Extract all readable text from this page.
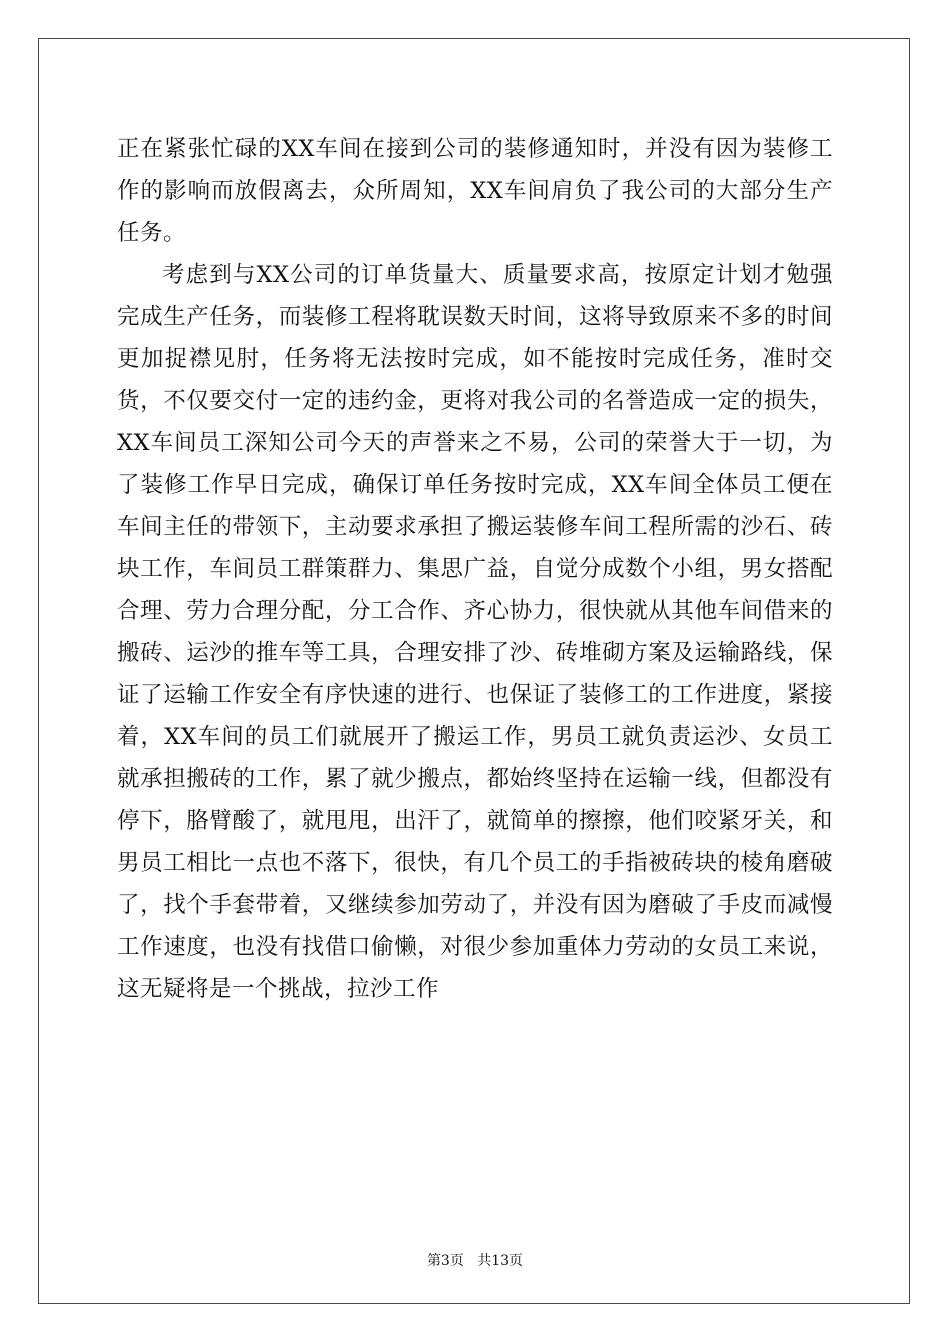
正在紧张忙碌的XX车间在接到公司的装修通知时，并没有因为装修工作的影响而放假离去，众所周知，XX车间肩负了我公司的大部分生产任务。

考虑到与XX公司的订单货量大、质量要求高，按原定计划才勉强完成生产任务，而装修工程将耽误数天时间，这将导致原来不多的时间更加捉襟见肘，任务将无法按时完成，如不能按时完成任务，准时交货，不仅要交付一定的违约金，更将对我公司的名誉造成一定的损失，XX车间员工深知公司今天的声誉来之不易，公司的荣誉大于一切，为了装修工作早日完成，确保订单任务按时完成，XX车间全体员工便在车间主任的带领下，主动要求承担了搬运装修车间工程所需的沙石、砖块工作，车间员工群策群力、集思广益，自觉分成数个小组，男女搭配合理、劳力合理分配，分工合作、齐心协力，很快就从其他车间借来的搬砖、运沙的推车等工具，合理安排了沙、砖堆砌方案及运输路线，保证了运输工作安全有序快速的进行、也保证了装修工的工作进度，紧接着，XX车间的员工们就展开了搬运工作，男员工就负责运沙、女员工就承担搬砖的工作，累了就少搬点，都始终坚持在运输一线，但都没有停下，胳臂酸了，就甩甩，出汗了，就简单的擦擦，他们咬紧牙关，和男员工相比一点也不落下，很快，有几个员工的手指被砖块的棱角磨破了，找个手套带着，又继续参加劳动了，并没有因为磨破了手皮而减慢工作速度，也没有找借口偷懒，对很少参加重体力劳动的女员工来说，这无疑将是一个挑战，拉沙工作

第3页 共13页
